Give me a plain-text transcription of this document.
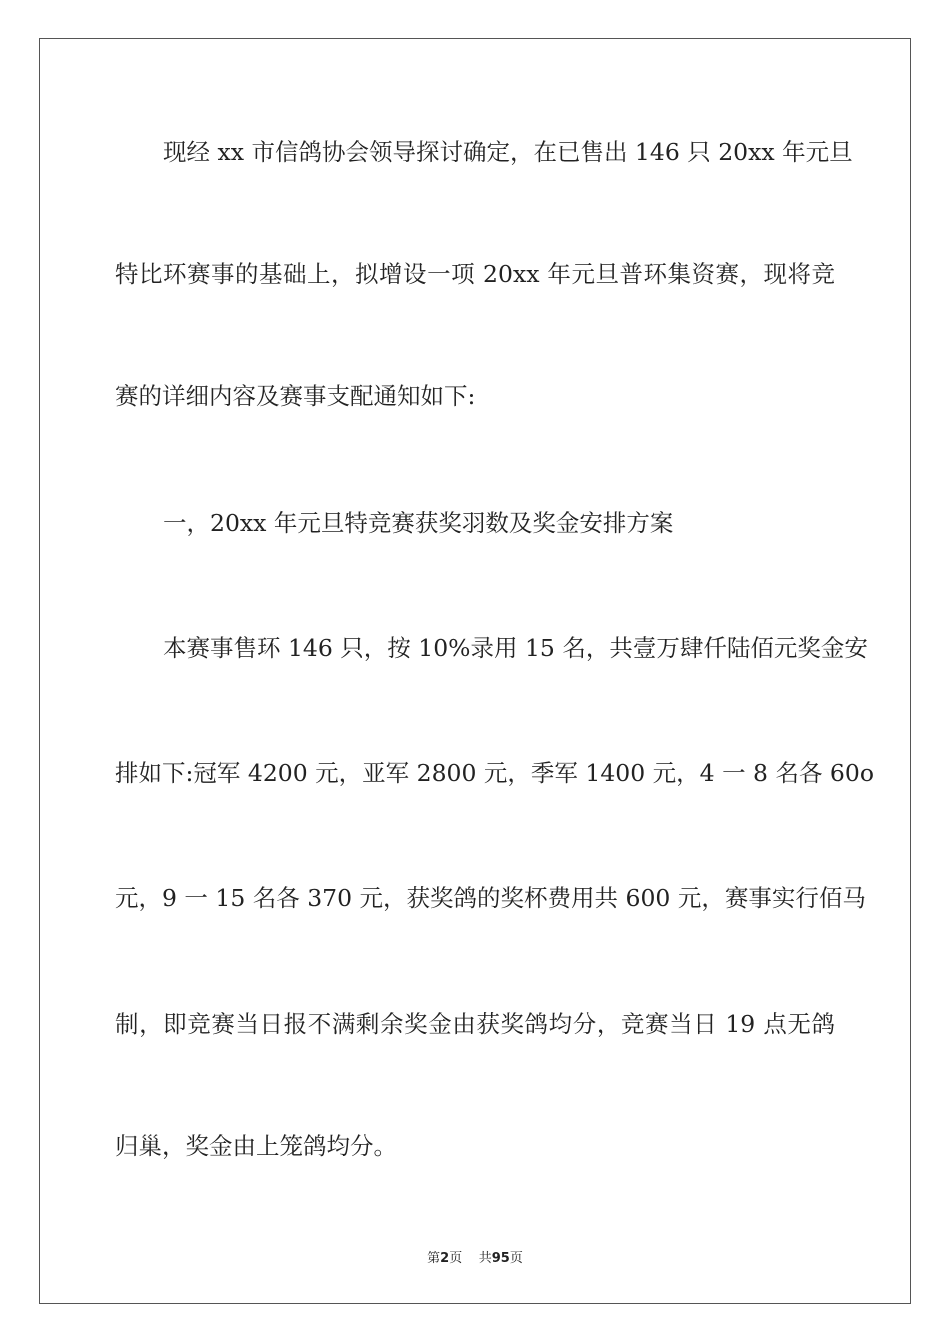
现经 xx 市信鸽协会领导探讨确定，在已售出 146 只 20xx 年元旦
特比环赛事的基础上，拟增设一项 20xx 年元旦普环集资赛，现将竞
赛的详细内容及赛事支配通知如下:
一，20xx 年元旦特竞赛获奖羽数及奖金安排方案
本赛事售环 146 只，按 10%录用 15 名，共壹万肆仟陆佰元奖金安
排如下:冠军 4200 元，亚军 2800 元，季军 1400 元，4 一 8 名各 60o
元，9 一 15 名各 370 元，获奖鸽的奖杯费用共 600 元，赛事实行佰马
制，即竞赛当日报不满剩余奖金由获奖鸽均分，竞赛当日 19 点无鸽
归巢，奖金由上笼鸽均分。
第2页 共95页
